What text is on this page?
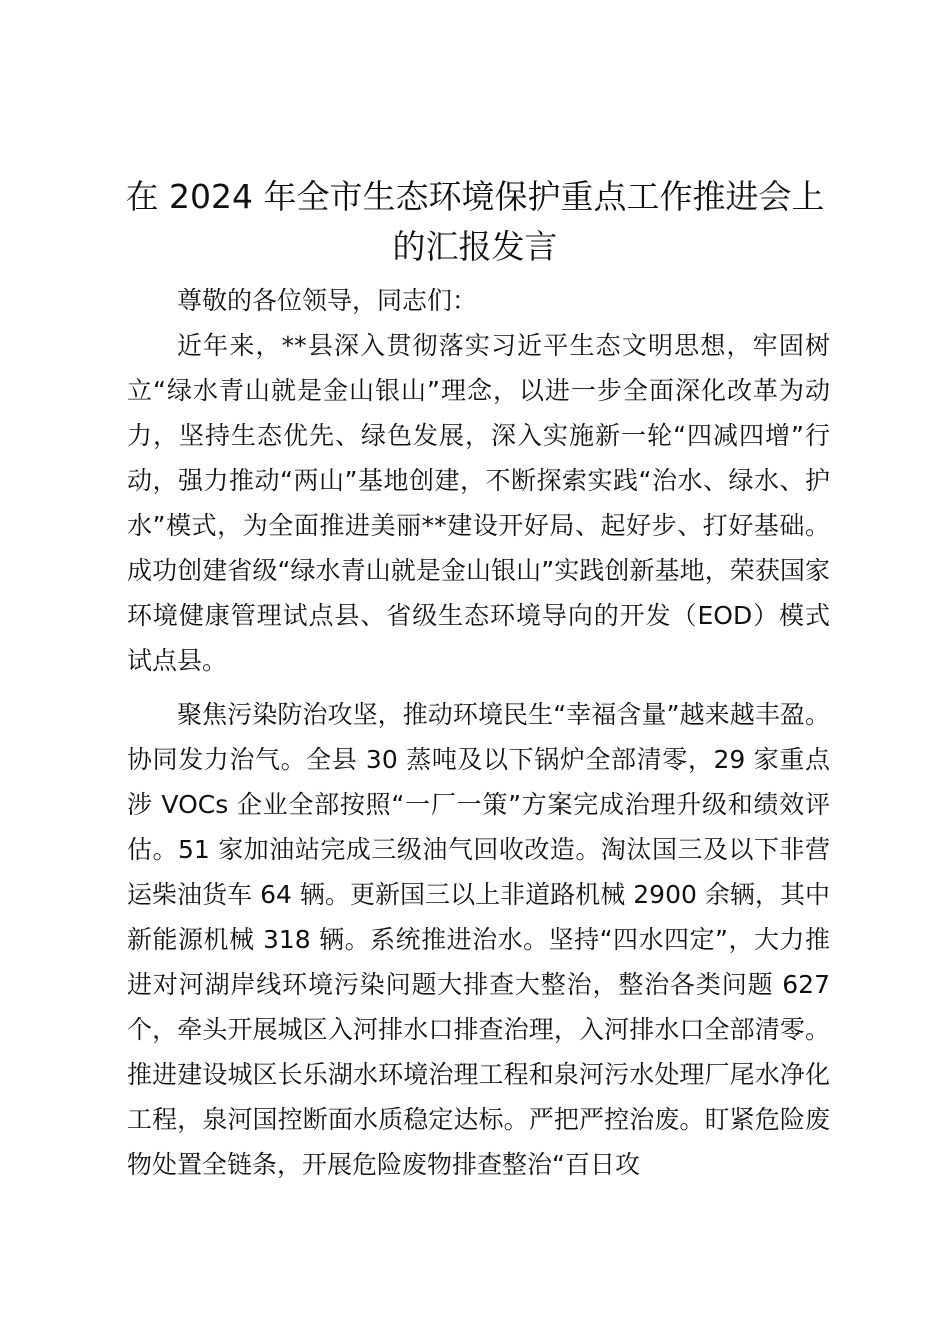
在 2024 年全市生态环境保护重点工作推进会上的汇报发言

尊敬的各位领导，同志们：

近年来，**县深入贯彻落实习近平生态文明思想，牢固树立“绿水青山就是金山银山”理念，以进一步全面深化改革为动力，坚持生态优先、绿色发展，深入实施新一轮“四减四增”行动，强力推动“两山”基地创建，不断探索实践“治水、绿水、护水”模式，为全面推进美丽**建设开好局、起好步、打好基础。成功创建省级“绿水青山就是金山银山”实践创新基地，荣获国家环境健康管理试点县、省级生态环境导向的开发（EOD）模式试点县。

聚焦污染防治攻坚，推动环境民生“幸福含量”越来越丰盈。协同发力治气。全县 30 蒸吨及以下锅炉全部清零，29 家重点涉 VOCs 企业全部按照“一厂一策”方案完成治理升级和绩效评估。51 家加油站完成三级油气回收改造。淘汰国三及以下非营运柴油货车 64 辆。更新国三以上非道路机械 2900 余辆，其中新能源机械 318 辆。系统推进治水。坚持“四水四定”，大力推进对河湖岸线环境污染问题大排查大整治，整治各类问题 627 个，牵头开展城区入河排水口排查治理，入河排水口全部清零。推进建设城区长乐湖水环境治理工程和泉河污水处理厂尾水净化工程，泉河国控断面水质稳定达标。严把严控治废。盯紧危险废物处置全链条，开展危险废物排查整治“百日攻
